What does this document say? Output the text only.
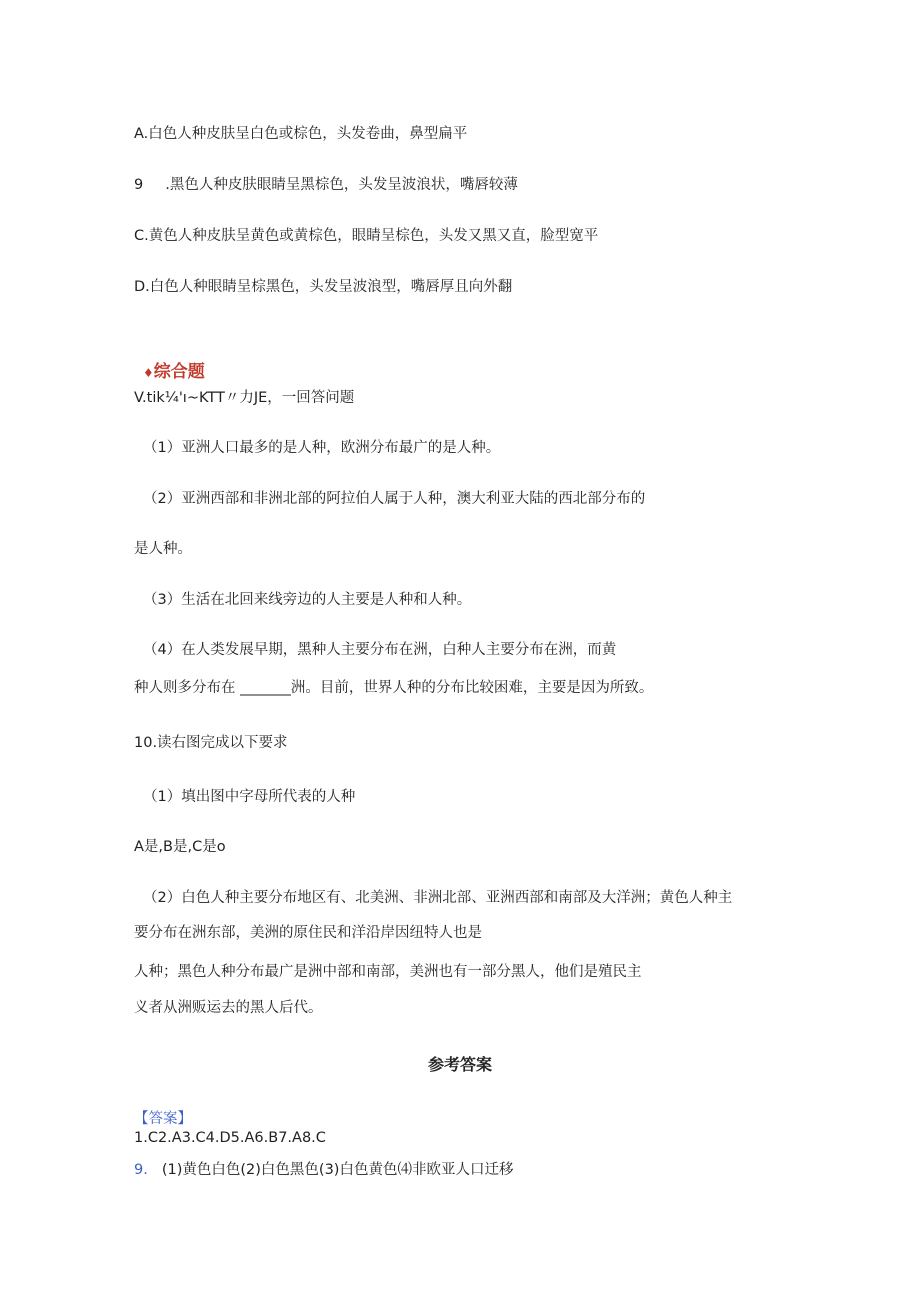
A.白色人种皮肤呈白色或棕色，头发卷曲，鼻型扁平
9 .黑色人种皮肤眼睛呈黑棕色，头发呈波浪状，嘴唇较薄
C.黄色人种皮肤呈黄色或黄棕色，眼睛呈棕色，头发又黑又直，脸型宽平
D.白色人种眼睛呈棕黑色，头发呈波浪型，嘴唇厚且向外翻
♦综合题
V.tik¼'ı~KTT〃力JE，一回答问题
（1）亚洲人口最多的是人种，欧洲分布最广的是人种。
（2）亚洲西部和非洲北部的阿拉伯人属于人种，澳大利亚大陆的西北部分布的
是人种。
（3）生活在北回来线旁边的人主要是人种和人种。
（4）在人类发展早期，黑种人主要分布在洲，白种人主要分布在洲，而黄
种人则多分布在 _______洲。目前，世界人种的分布比较困难，主要是因为所致。
10.读右图完成以下要求
（1）填出图中字母所代表的人种
A是,B是,C是o
（2）白色人种主要分布地区有、北美洲、非洲北部、亚洲西部和南部及大洋洲；黄色人种主
要分布在洲东部，美洲的原住民和洋沿岸因纽特人也是
人种；黑色人种分布最广是洲中部和南部，美洲也有一部分黑人，他们是殖民主
义者从洲贩运去的黑人后代。
参考答案
【答案】
1.C2.A3.C4.D5.A6.B7.A8.C
9. (1)黄色白色(2)白色黑色(3)白色黄色⑷非欧亚人口迁移
